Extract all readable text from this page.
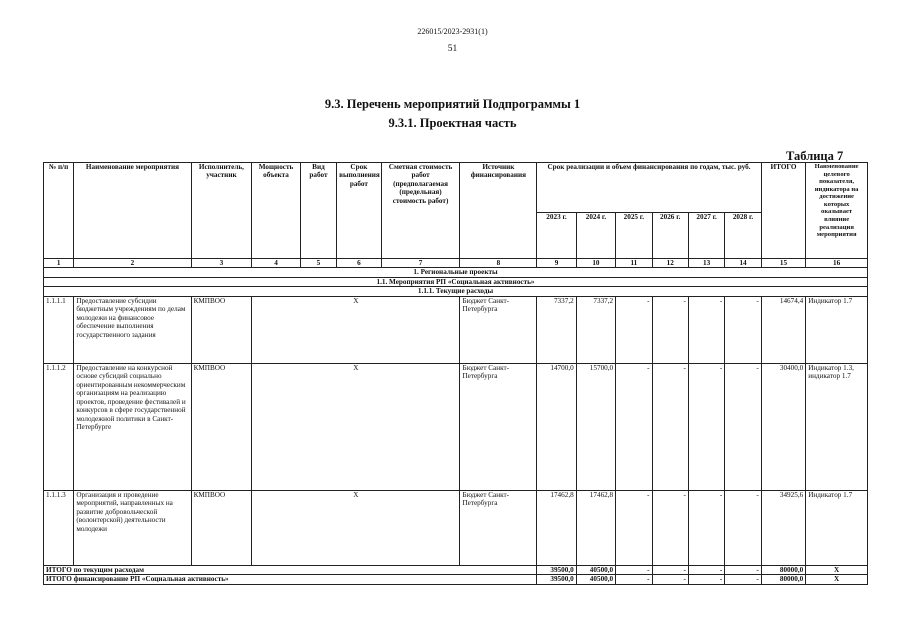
226015/2023-2931(1)
51
9.3. Перечень мероприятий Подпрограммы 1
9.3.1. Проектная часть
Таблица 7
№ п/п	Наименование мероприятия	Исполнитель, участник	Мощность объекта	Вид работ	Срок выполнения работ	Сметная стоимость работ (предполагаемая (предельная) стоимость работ)	Источник финансирования	Срок реализации и объем финансирования по годам, тыс. руб.						ИТОГО	Наименование целевого показателя, индикатора на достижение которых оказывает влияние реализация мероприятия
								2023 г.	2024 г.	2025 г.	2026 г.	2027 г.	2028 г.		
1	2	3	4	5	6	7	8	9	10	11	12	13	14	15	16
1. Региональные проекты															
1.1. Мероприятия РП «Социальная активность»															
1.1.1. Текущие расходы															
1.1.1.1	Предоставление субсидии бюджетным учреждениям по делам молодежи на финансовое обеспечение выполнения государственного задания	КМПВОО	X				Бюджет Санкт-Петербурга	7337,2	7337,2	-	-	-	-	14674,4	Индикатор 1.7
1.1.1.2	Предоставление на конкурсной основе субсидий социально ориентированным некоммерческим организациям на реализацию проектов, проведение фестивалей и конкурсов в сфере государственной молодежной политики в Санкт-Петербурге	КМПВОО	X				Бюджет Санкт-Петербурга	14700,0	15700,0	-	-	-	-	30400,0	Индикатор 1.3, индикатор 1.7
1.1.1.3	Организация и проведение мероприятий, направленных на развитие добровольческой (волонтерской) деятельности молодежи	КМПВОО	X				Бюджет Санкт-Петербурга	17462,8	17462,8	-	-	-	-	34925,6	Индикатор 1.7
ИТОГО по текущим расходам								39500,0	40500,0	-	-	-	-	80000,0	X
ИТОГО финансирование РП «Социальная активность»								39500,0	40500,0	-	-	-	-	80000,0	X
